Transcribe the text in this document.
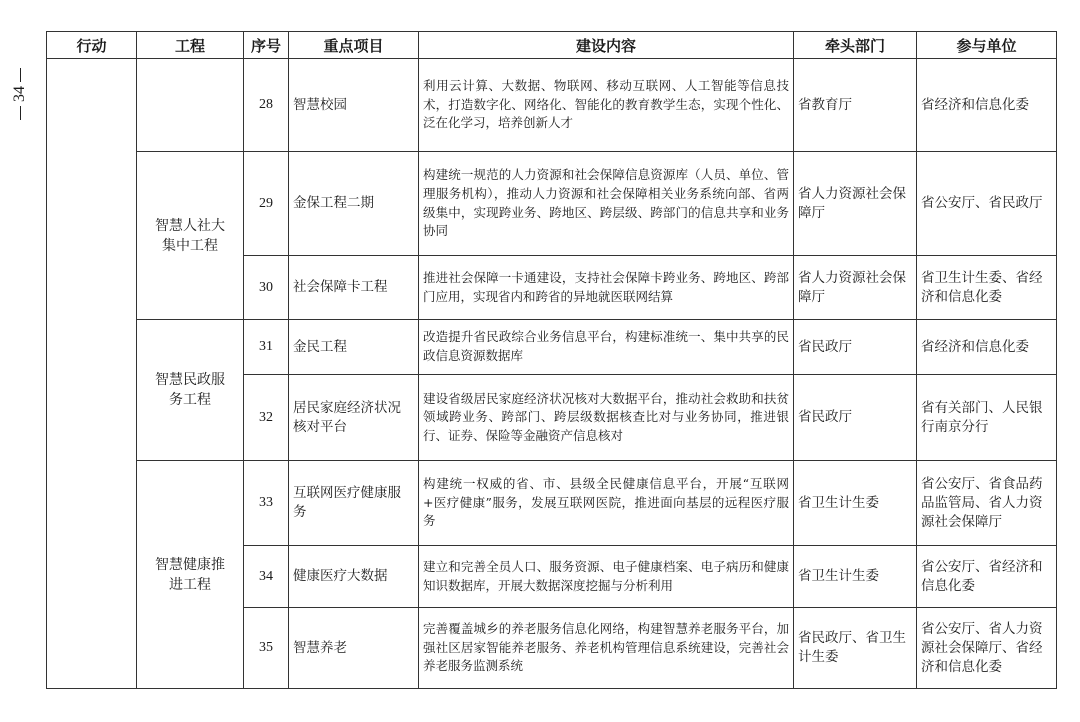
34
行动	工程	序号	重点项目	建设内容	牵头部门	参与单位
		28	智慧校园	利用云计算、大数据、物联网、移动互联网、人工智能等信息技术，打造数字化、网络化、智能化的教育教学生态，实现个性化、泛在化学习，培养创新人才	省教育厅	省经济和信息化委
	智慧人社大集中工程	29	金保工程二期	构建统一规范的人力资源和社会保障信息资源库（人员、单位、管理服务机构），推动人力资源和社会保障相关业务系统向部、省两级集中，实现跨业务、跨地区、跨层级、跨部门的信息共享和业务协同	省人力资源社会保障厅	省公安厅、省民政厅
		30	社会保障卡工程	推进社会保障一卡通建设，支持社会保障卡跨业务、跨地区、跨部门应用，实现省内和跨省的异地就医联网结算	省人力资源社会保障厅	省卫生计生委、省经济和信息化委
	智慧民政服务工程	31	金民工程	改造提升省民政综合业务信息平台，构建标准统一、集中共享的民政信息资源数据库	省民政厅	省经济和信息化委
		32	居民家庭经济状况核对平台	建设省级居民家庭经济状况核对大数据平台，推动社会救助和扶贫领域跨业务、跨部门、跨层级数据核查比对与业务协同，推进银行、证券、保险等金融资产信息核对	省民政厅	省有关部门、人民银行南京分行
	智慧健康推进工程	33	互联网医疗健康服务	构建统一权威的省、市、县级全民健康信息平台，开展“互联网+医疗健康”服务，发展互联网医院，推进面向基层的远程医疗服务	省卫生计生委	省公安厅、省食品药品监管局、省人力资源社会保障厅
		34	健康医疗大数据	建立和完善全员人口、服务资源、电子健康档案、电子病历和健康知识数据库，开展大数据深度挖掘与分析利用	省卫生计生委	省公安厅、省经济和信息化委
		35	智慧养老	完善覆盖城乡的养老服务信息化网络，构建智慧养老服务平台，加强社区居家智能养老服务、养老机构管理信息系统建设，完善社会养老服务监测系统	省民政厅、省卫生计生委	省公安厅、省人力资源社会保障厅、省经济和信息化委
